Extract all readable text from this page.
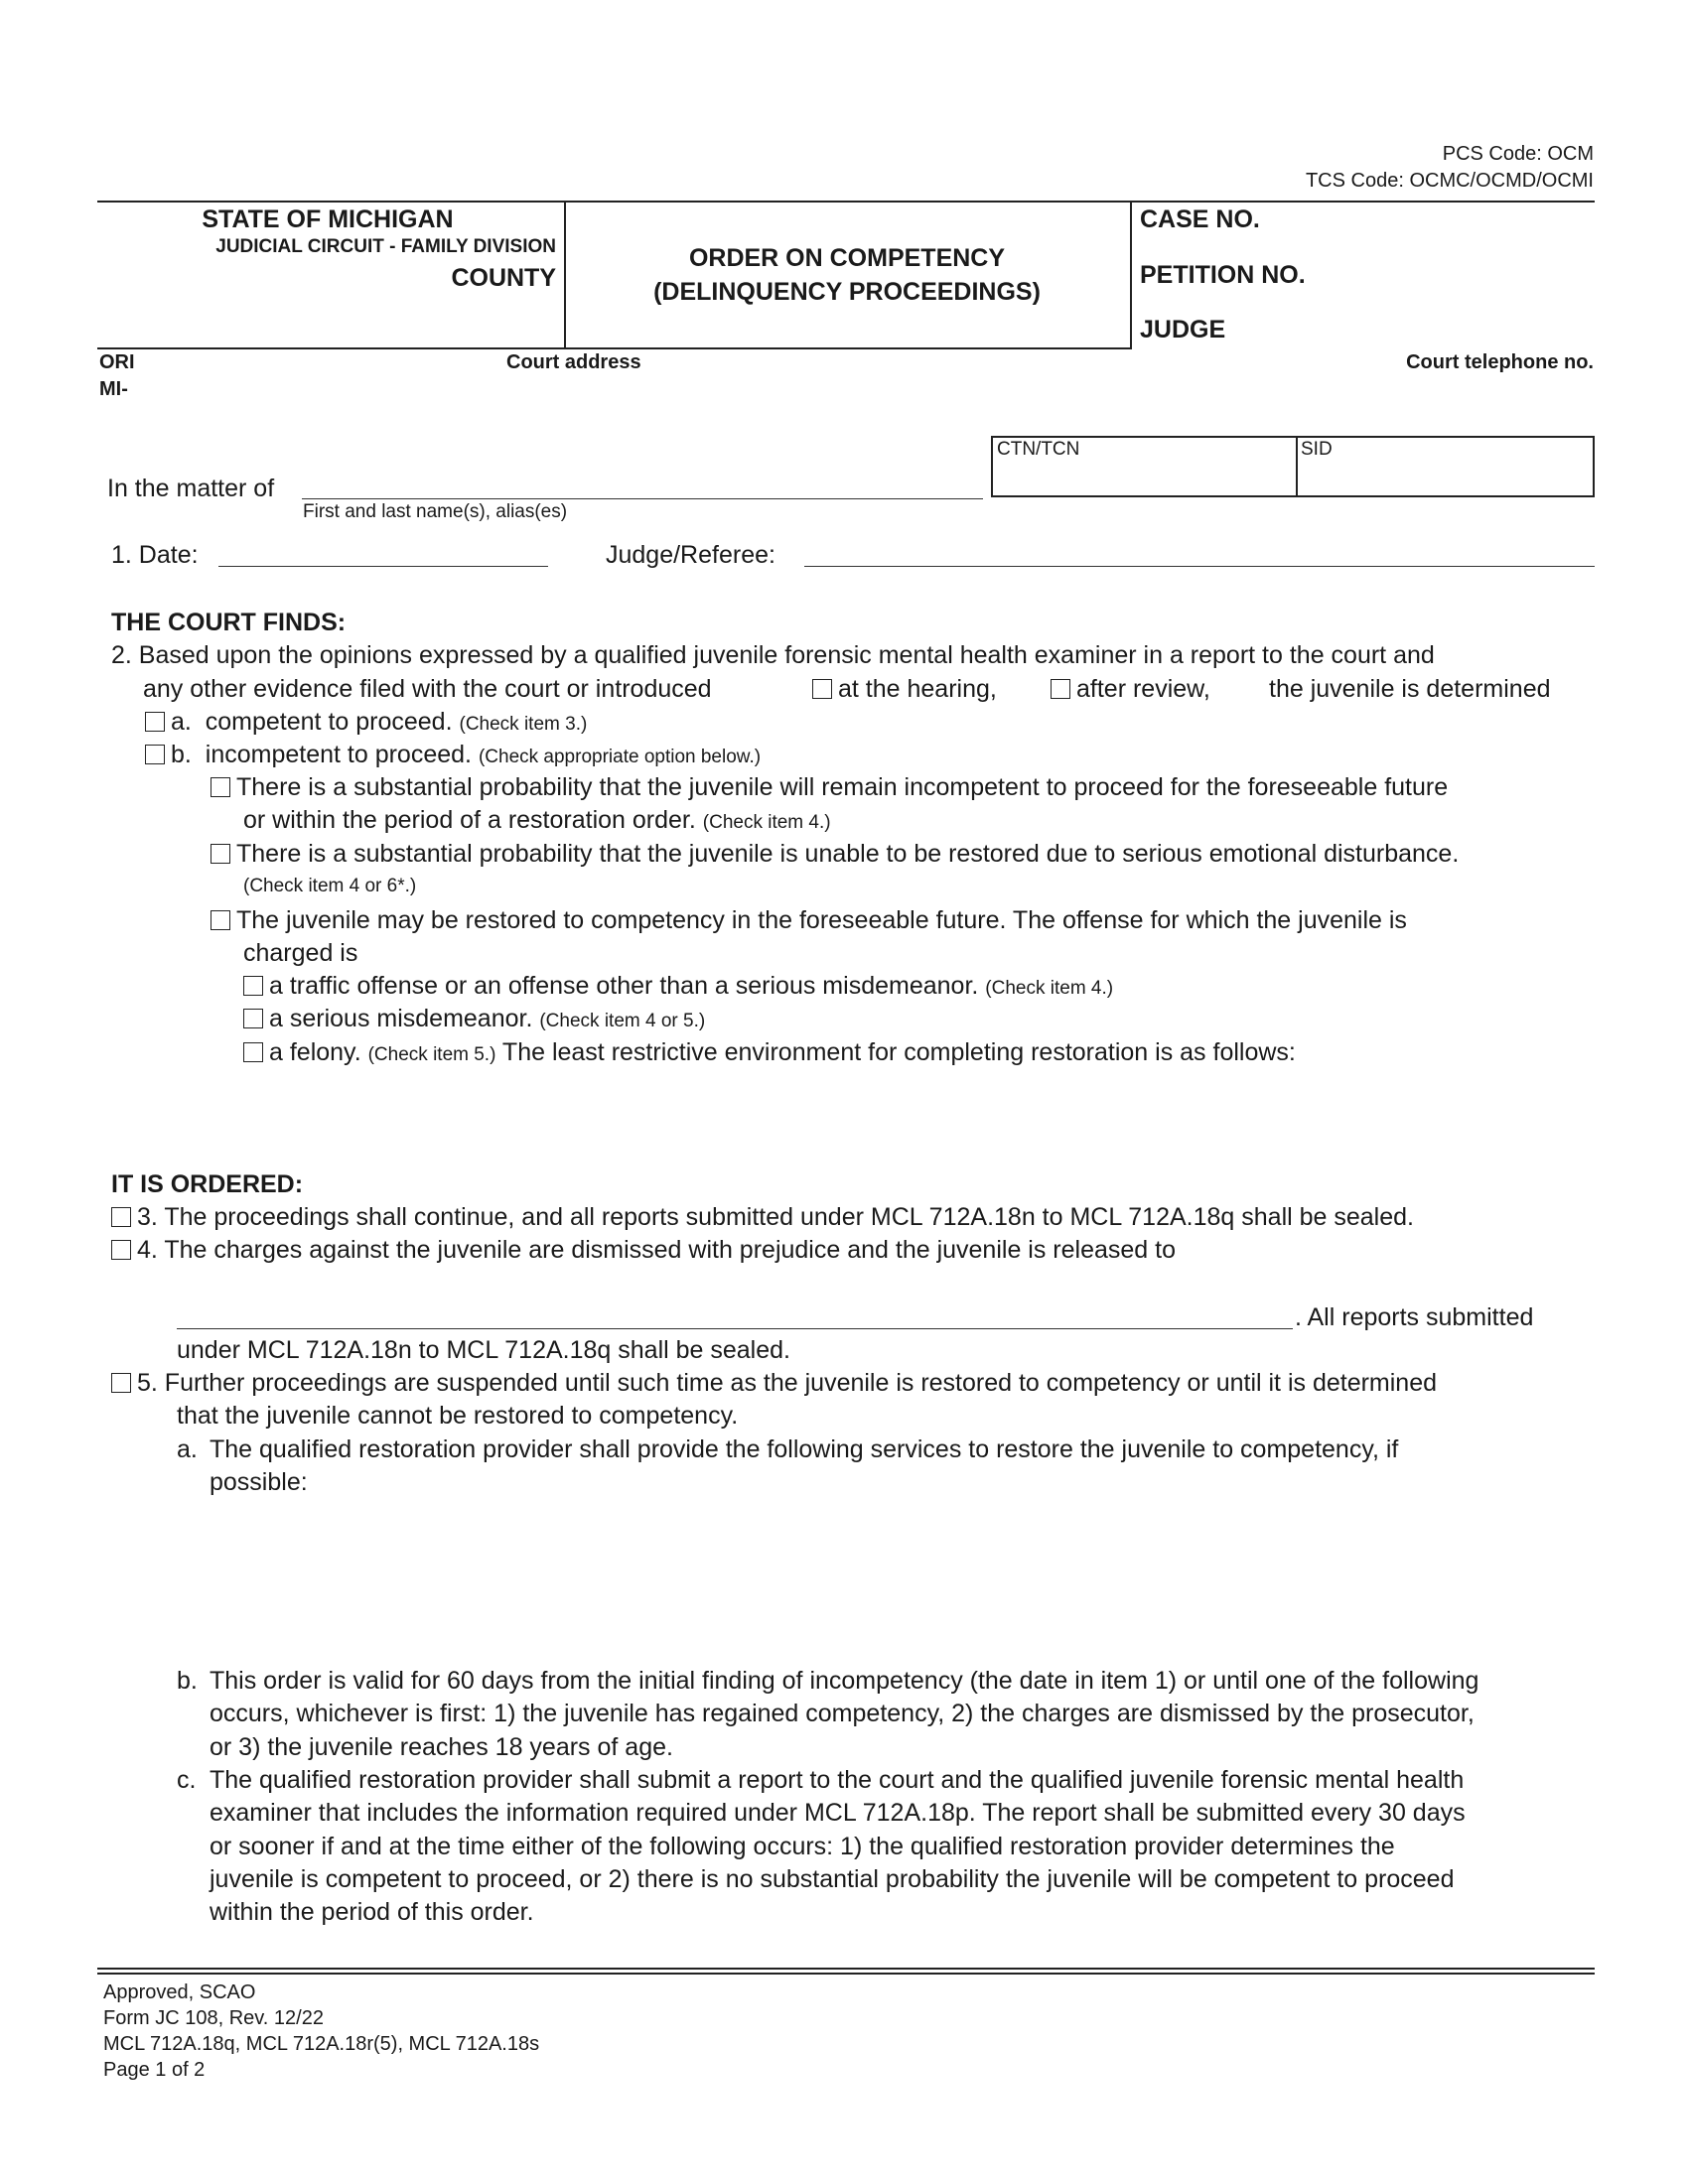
PCS Code: OCM
TCS Code: OCMC/OCMD/OCMI
STATE OF MICHIGAN
JUDICIAL CIRCUIT - FAMILY DIVISION
COUNTY
ORDER ON COMPETENCY
(DELINQUENCY PROCEEDINGS)
CASE NO.
PETITION NO.
JUDGE
ORI
MI-
Court address	Court telephone no.
CTN/TCN	SID
In the matter of
First and last name(s), alias(es)
1. Date:	Judge/Referee:
THE COURT FINDS:
2. Based upon the opinions expressed by a qualified juvenile forensic mental health examiner in a report to the court and
any other evidence filed with the court or introduced	at the hearing,	after review, the juvenile is determined
a. competent to proceed. (Check item 3.)
b. incompetent to proceed. (Check appropriate option below.)
There is a substantial probability that the juvenile will remain incompetent to proceed for the foreseeable future
or within the period of a restoration order. (Check item 4.)
There is a substantial probability that the juvenile is unable to be restored due to serious emotional disturbance.
(Check item 4 or 6*.)
The juvenile may be restored to competency in the foreseeable future. The offense for which the juvenile is
charged is
a traffic offense or an offense other than a serious misdemeanor. (Check item 4.)
a serious misdemeanor. (Check item 4 or 5.)
a felony. (Check item 5.) The least restrictive environment for completing restoration is as follows:
IT IS ORDERED:
3. The proceedings shall continue, and all reports submitted under MCL 712A.18n to MCL 712A.18q shall be sealed.
4. The charges against the juvenile are dismissed with prejudice and the juvenile is released to
. All reports submitted
under MCL 712A.18n to MCL 712A.18q shall be sealed.
5. Further proceedings are suspended until such time as the juvenile is restored to competency or until it is determined
that the juvenile cannot be restored to competency.
a. The qualified restoration provider shall provide the following services to restore the juvenile to competency, if
possible:
b. This order is valid for 60 days from the initial finding of incompetency (the date in item 1) or until one of the following
occurs, whichever is first: 1) the juvenile has regained competency, 2) the charges are dismissed by the prosecutor,
or 3) the juvenile reaches 18 years of age.
c. The qualified restoration provider shall submit a report to the court and the qualified juvenile forensic mental health
examiner that includes the information required under MCL 712A.18p. The report shall be submitted every 30 days
or sooner if and at the time either of the following occurs: 1) the qualified restoration provider determines the
juvenile is competent to proceed, or 2) there is no substantial probability the juvenile will be competent to proceed
within the period of this order.
Approved, SCAO
Form JC 108, Rev. 12/22
MCL 712A.18q, MCL 712A.18r(5), MCL 712A.18s
Page 1 of 2
